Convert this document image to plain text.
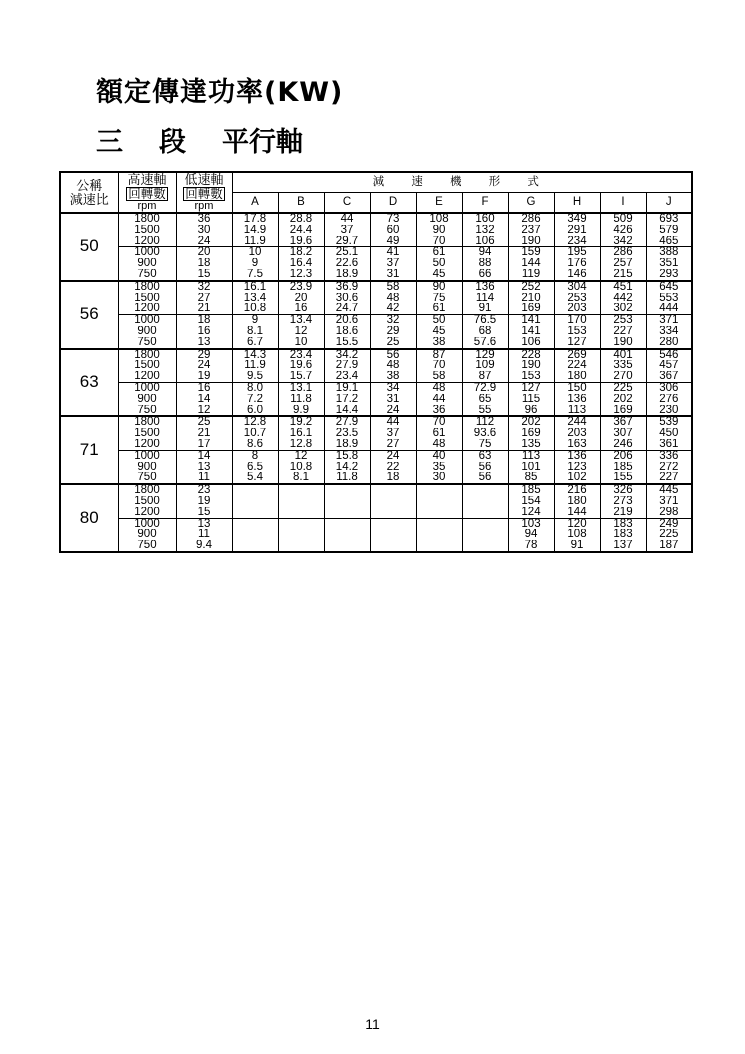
額定傳達功率(KW)
三 段 平行軸
公稱
減速比	高速軸
回轉數
rpm	低速軸
回轉數
rpm	減 速 機 形 式									
			A	B	C	D	E	F	G	H	I	J
50	1800	36	17.8	28.8	44	73	108	160	286	349	509	693
	1500	30	14.9	24.4	37	60	90	132	237	291	426	579
	1200	24	11.9	19.6	29.7	49	70	106	190	234	342	465
	1000	20	10	18.2	25.1	41	61	94	159	195	286	388
	900	18	9	16.4	22.6	37	50	88	144	176	257	351
	750	15	7.5	12.3	18.9	31	45	66	119	146	215	293
56	1800	32	16.1	23.9	36.9	58	90	136	252	304	451	645
	1500	27	13.4	20	30.6	48	75	114	210	253	442	553
	1200	21	10.8	16	24.7	42	61	91	169	203	302	444
	1000	18	9	13.4	20.6	32	50	76.5	141	170	253	371
	900	16	8.1	12	18.6	29	45	68	141	153	227	334
	750	13	6.7	10	15.5	25	38	57.6	106	127	190	280
63	1800	29	14.3	23.4	34.2	56	87	129	228	269	401	546
	1500	24	11.9	19.6	27.9	48	70	109	190	224	335	457
	1200	19	9.5	15.7	23.4	38	58	87	153	180	270	367
	1000	16	8.0	13.1	19.1	34	48	72.9	127	150	225	306
	900	14	7.2	11.8	17.2	31	44	65	115	136	202	276
	750	12	6.0	9.9	14.4	24	36	55	96	113	169	230
71	1800	25	12.8	19.2	27.9	44	70	112	202	244	367	539
	1500	21	10.7	16.1	23.5	37	61	93.6	169	203	307	450
	1200	17	8.6	12.8	18.9	27	48	75	135	163	246	361
	1000	14	8	12	15.8	24	40	63	113	136	206	336
	900	13	6.5	10.8	14.2	22	35	56	101	123	185	272
	750	11	5.4	8.1	11.8	18	30	56	85	102	155	227
80	1800	23							185	216	326	445
	1500	19							154	180	273	371
	1200	15							124	144	219	298
	1000	13							103	120	183	249
	900	11							94	108	183	225
	750	9.4							78	91	137	187
11
